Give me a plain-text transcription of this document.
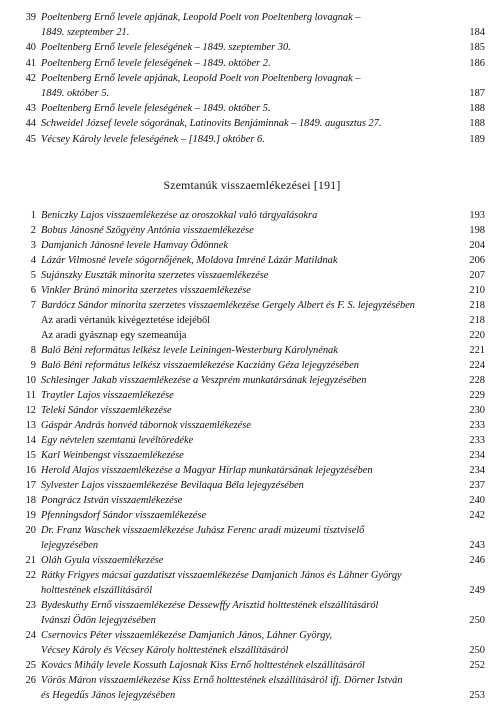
39 Poeltenberg Ernő levele apjának, Leopold Poelt von Poeltenberg lovagnak –
1849. szeptember 21.	184
40 Poeltenberg Ernő levele feleségének – 1849. szeptember 30.	185
41 Poeltenberg Ernő levele feleségének – 1849. október 2.	186
42 Poeltenberg Ernő levele apjának, Leopold Poelt von Poeltenberg lovagnak –
1849. október 5.	187
43 Poeltenberg Ernő levele feleségének – 1849. október 5.	188
44 Schweidel József levele sógorának, Latinovits Benjáminnak – 1849. augusztus 27.	188
45 Vécsey Károly levele feleségének – [1849.] október 6.	189
Szemtanúk visszaemlékezései [191]
1 Beniczky Lajos visszaemlékezése az oroszokkal való tárgyalásokra	193
2 Bobus Jánosné Szögyény Antónia visszaemlékezése	198
3 Damjanich Jánosné levele Hamvay Ödönnek	204
4 Lázár Vilmosné levele sógornőjének, Moldova Imréné Lázár Matildnak	206
5 Sujánszky Euszták minorita szerzetes visszaemlékezése	207
6 Vinkler Brúnó minorita szerzetes visszaemlékezése	210
7 Bardócz Sándor minorita szerzetes visszaemlékezése Gergely Albert és F. S. lejegyzésében	218
Az aradi vértanúk kivégeztetése idejéből	218
Az aradi gyásznap egy szemeanúja	220
8 Baló Béni református lelkész levele Leiningen-Westerburg Károlynénak	221
9 Baló Béni református lelkész visszaemlékezése Kacziány Géza lejegyzésében	224
10 Schlesinger Jakab visszaemlékezése a Veszprém munkatársának lejegyzésében	228
11 Traytler Lajos visszaemlékezése	229
12 Teleki Sándor visszaemlékezése	230
13 Gáspár András honvéd tábornok visszaemlékezése	233
14 Egy névtelen szemtanú levéltöredéke	233
15 Karl Weinbengst visszaemlékezése	234
16 Herold Alajos visszaemlékezése a Magyar Hírlap munkatársának lejegyzésében	234
17 Sylvester Lajos visszaemlékezése Bevilaqua Béla lejegyzésében	237
18 Pongrácz István visszaemlékezése	240
19 Pfenningsdorf Sándor visszaemlékezése	242
20 Dr. Franz Waschek visszaemlékezése Juhász Ferenc aradi múzeumi tisztviselő
lejegyzésében	243
21 Oláh Gyula visszaemlékezése	246
22 Rátky Frigyes mácsai gazdatiszt visszaemlékezése Damjanich János és Láhner György
holttestének elszállításáról	249
23 Bydeskuthy Ernő visszaemlékezése Dessewffy Arisztid holttestének elszállításáról
Ivánszi Ödön lejegyzésében	250
24 Csernovics Péter visszaemlékezése Damjanich János, Láhner György,
Vécsey Károly és Vécsey Károly holttestének elszállításáról	250
25 Kovács Mihály levele Kossuth Lajosnak Kiss Ernő holttestének elszállításáról	252
26 Vörös Máron visszaemlékezése Kiss Ernő holttestének elszállításáról ifj. Dörner István
és Hegedűs János lejegyzésében	253
